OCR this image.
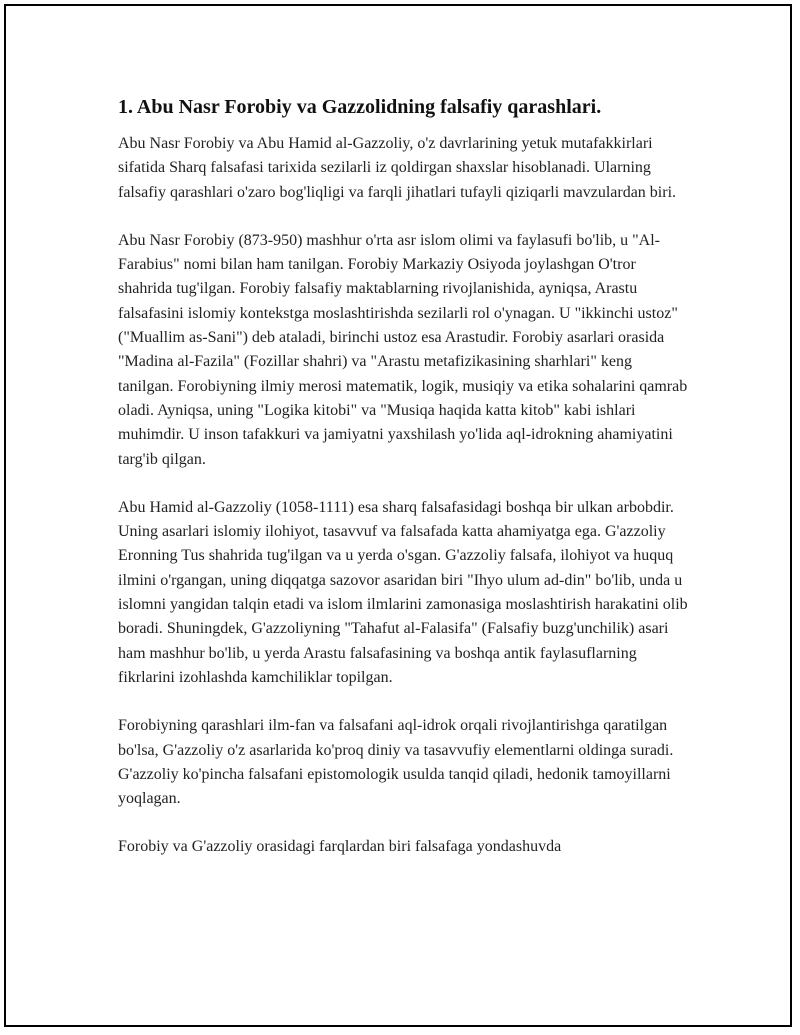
1. Abu Nasr Forobiy va Gazzolidning falsafiy qarashlari.

Abu Nasr Forobiy va Abu Hamid al-Gazzoliy, o'z davrlarining yetuk mutafakkirlari sifatida Sharq falsafasi tarixida sezilarli iz qoldirgan shaxslar hisoblanadi. Ularning falsafiy qarashlari o'zaro bog'liqligi va farqli jihatlari tufayli qiziqarli mavzulardan biri.

Abu Nasr Forobiy (873-950) mashhur o'rta asr islom olimi va faylasufi bo'lib, u "Al-Farabius" nomi bilan ham tanilgan. Forobiy Markaziy Osiyoda joylashgan O'tror shahrida tug'ilgan. Forobiy falsafiy maktablarning rivojlanishida, ayniqsa, Arastu falsafasini islomiy kontekstga moslashtirishda sezilarli rol o'ynagan. U "ikkinchi ustoz" ("Muallim as-Sani") deb ataladi, birinchi ustoz esa Arastudir. Forobiy asarlari orasida "Madina al-Fazila" (Fozillar shahri) va "Arastu metafizikasining sharhlari" keng tanilgan. Forobiyning ilmiy merosi matematik, logik, musiqiy va etika sohalarini qamrab oladi. Ayniqsa, uning "Logika kitobi" va "Musiqa haqida katta kitob" kabi ishlari muhimdir. U inson tafakkuri va jamiyatni yaxshilash yo'lida aql-idrokning ahamiyatini targ'ib qilgan.

Abu Hamid al-Gazzoliy (1058-1111) esa sharq falsafasidagi boshqa bir ulkan arbobdir. Uning asarlari islomiy ilohiyot, tasavvuf va falsafada katta ahamiyatga ega. G'azzoliy Eronning Tus shahrida tug'ilgan va u yerda o'sgan. G'azzoliy falsafa, ilohiyot va huquq ilmini o'rgangan, uning diqqatga sazovor asaridan biri "Ihyo ulum ad-din" bo'lib, unda u islomni yangidan talqin etadi va islom ilmlarini zamonasiga moslashtirish harakatini olib boradi. Shuningdek, G'azzoliyning "Tahafut al-Falasifa" (Falsafiy buzg'unchilik) asari ham mashhur bo'lib, u yerda Arastu falsafasining va boshqa antik faylasuflarning fikrlarini izohlashda kamchiliklar topilgan.

Forobiyning qarashlari ilm-fan va falsafani aql-idrok orqali rivojlantirishga qaratilgan bo'lsa, G'azzoliy o'z asarlarida ko'proq diniy va tasavvufiy elementlarni oldinga suradi. G'azzoliy ko'pincha falsafani epistomologik usulda tanqid qiladi, hedonik tamoyillarni yoqlagan.

Forobiy va G'azzoliy orasidagi farqlardan biri falsafaga yondashuvda
